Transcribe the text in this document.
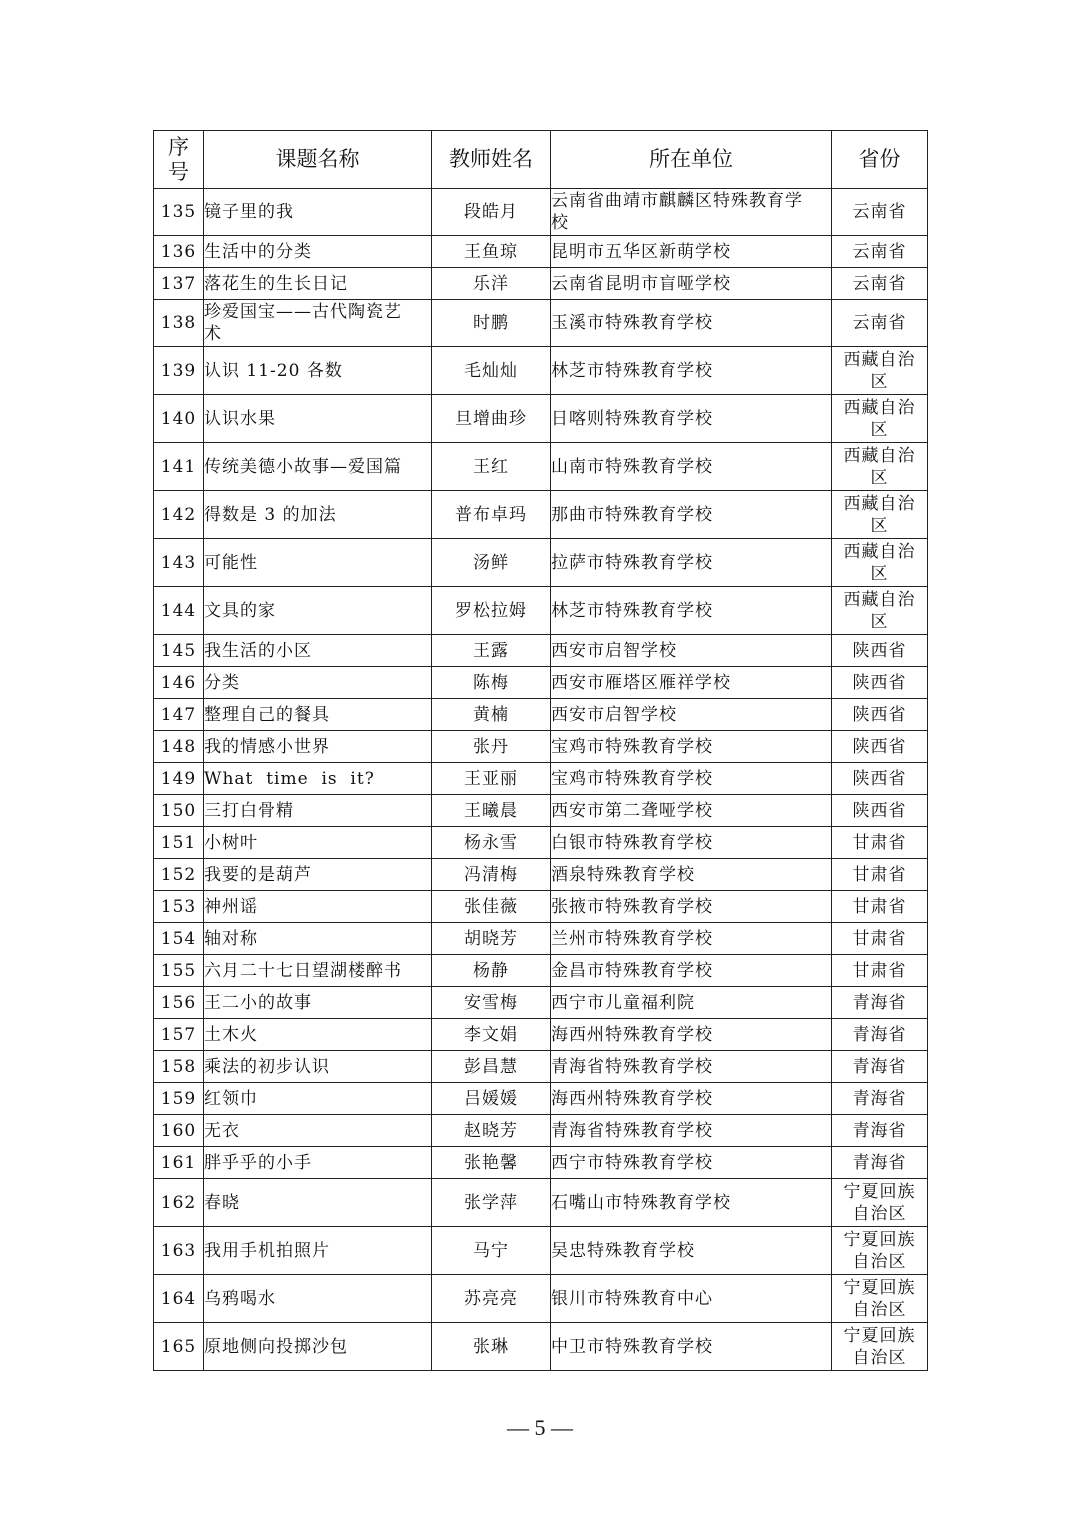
序
号	课题名称	教师姓名	所在单位	省份
135	镜子里的我	段皓月	云南省曲靖市麒麟区特殊教育学
校	云南省
136	生活中的分类	王鱼琼	昆明市五华区新萌学校	云南省
137	落花生的生长日记	乐洋	云南省昆明市盲哑学校	云南省
138	珍爱国宝——古代陶瓷艺
术	时鹏	玉溪市特殊教育学校	云南省
139	认识 11-20 各数	毛灿灿	林芝市特殊教育学校	西藏自治
区
140	认识水果	旦增曲珍	日喀则特殊教育学校	西藏自治
区
141	传统美德小故事—爱国篇	王红	山南市特殊教育学校	西藏自治
区
142	得数是 3 的加法	普布卓玛	那曲市特殊教育学校	西藏自治
区
143	可能性	汤鲜	拉萨市特殊教育学校	西藏自治
区
144	文具的家	罗松拉姆	林芝市特殊教育学校	西藏自治
区
145	我生活的小区	王露	西安市启智学校	陕西省
146	分类	陈梅	西安市雁塔区雁祥学校	陕西省
147	整理自己的餐具	黄楠	西安市启智学校	陕西省
148	我的情感小世界	张丹	宝鸡市特殊教育学校	陕西省
149	What  time  is  it?	王亚丽	宝鸡市特殊教育学校	陕西省
150	三打白骨精	王曦晨	西安市第二聋哑学校	陕西省
151	小树叶	杨永雪	白银市特殊教育学校	甘肃省
152	我要的是葫芦	冯清梅	酒泉特殊教育学校	甘肃省
153	神州谣	张佳薇	张掖市特殊教育学校	甘肃省
154	轴对称	胡晓芳	兰州市特殊教育学校	甘肃省
155	六月二十七日望湖楼醉书	杨静	金昌市特殊教育学校	甘肃省
156	王二小的故事	安雪梅	西宁市儿童福利院	青海省
157	土木火	李文娟	海西州特殊教育学校	青海省
158	乘法的初步认识	彭昌慧	青海省特殊教育学校	青海省
159	红领巾	吕媛媛	海西州特殊教育学校	青海省
160	无衣	赵晓芳	青海省特殊教育学校	青海省
161	胖乎乎的小手	张艳馨	西宁市特殊教育学校	青海省
162	春晓	张学萍	石嘴山市特殊教育学校	宁夏回族
自治区
163	我用手机拍照片	马宁	吴忠特殊教育学校	宁夏回族
自治区
164	乌鸦喝水	苏亮亮	银川市特殊教育中心	宁夏回族
自治区
165	原地侧向投掷沙包	张琳	中卫市特殊教育学校	宁夏回族
自治区
— 5 —
